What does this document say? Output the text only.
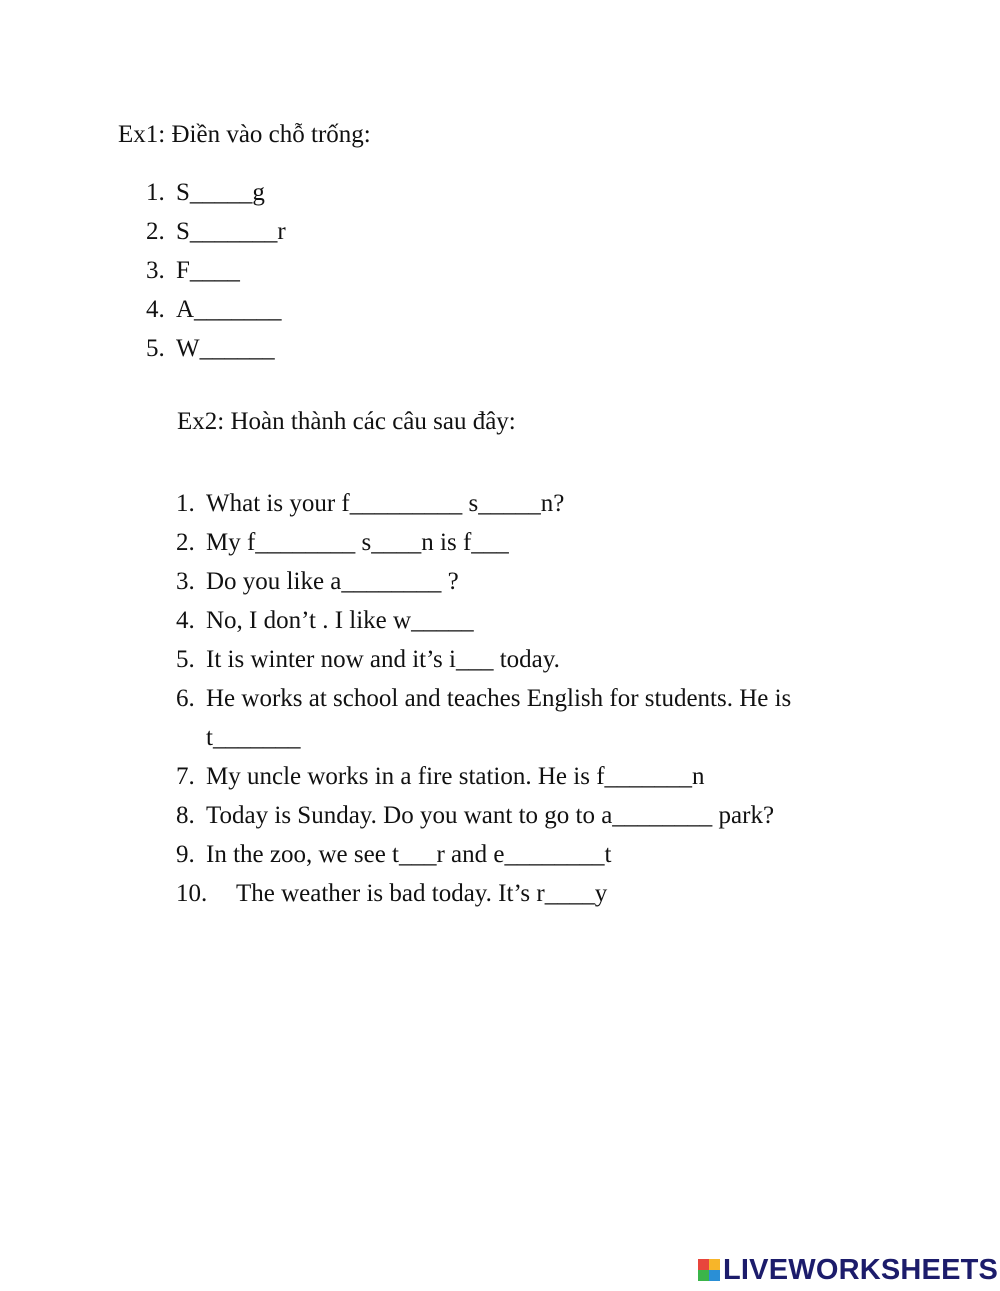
Ex1: Điền vào chỗ trống:
1. S_____g
2. S_______r
3. F____
4. A_______
5. W______
Ex2: Hoàn thành các câu sau đây:
1. What is your f_________ s_____n?
2. My f________ s____n is f___
3. Do you like a________ ?
4. No, I don’t . I like w_____
5. It is winter now and it’s i___ today.
6. He works at school and teaches English for students. He is t_______
7. My uncle works in a fire station. He is f_______n
8. Today is Sunday. Do you want to go to a________ park?
9. In the zoo, we see t___r and e________t
10.	The weather is bad today. It’s r____y
LIVEWORKSHEETS
